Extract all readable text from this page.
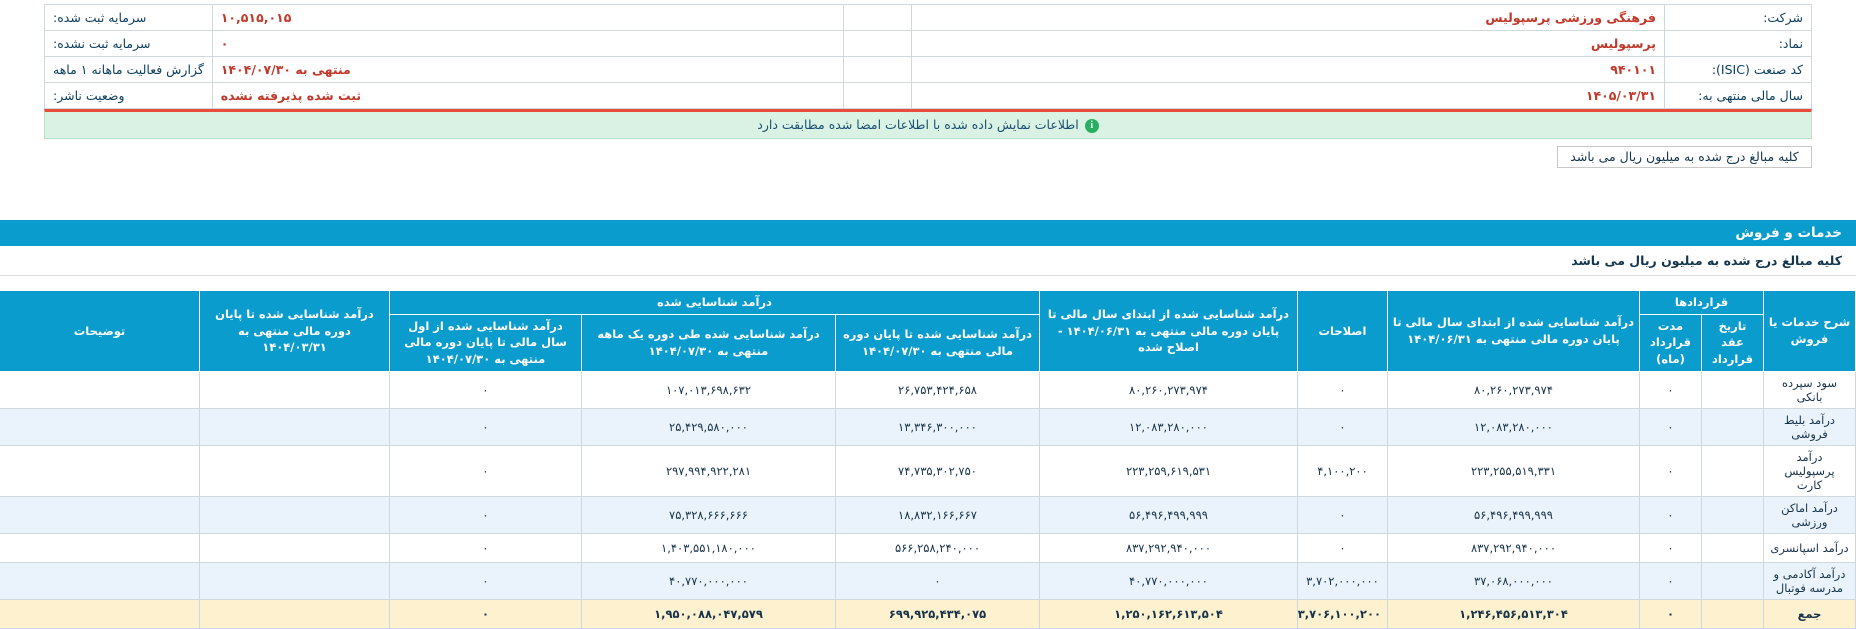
شرکت:	فرهنگی ورزشی پرسپولیس		۱۰,۵۱۵,۰۱۵	سرمایه ثبت شده:
نماد:	پرسپولیس		۰	سرمایه ثبت نشده:
کد صنعت (ISIC):	۹۴۰۱۰۱		منتهی به ۱۴۰۴/۰۷/۳۰	گزارش فعالیت ماهانه ۱ ماهه
سال مالی منتهی به:	۱۴۰۵/۰۳/۳۱		ثبت شده پذیرفته نشده	وضعیت ناشر:
iاطلاعات نمایش داده شده با اطلاعات امضا شده مطابقت دارد
کلیه مبالغ درج شده به میلیون ریال می باشد
خدمات و فروش
کلیه مبالغ درج شده به میلیون ریال می باشد
شرح خدمات یا فروش	قراردادها		درآمد شناسایی شده از ابتدای سال مالی تا پایان دوره مالی منتهی به ۱۴۰۴/۰۶/۳۱	اصلاحات	درآمد شناسایی شده از ابتدای سال مالی تا پایان دوره مالی منتهی به ۱۴۰۴/۰۶/۳۱ - اصلاح شده	درآمد شناسایی شده			درآمد شناسایی شده تا پایان دوره مالی منتهی به ۱۴۰۴/۰۳/۳۱	توضیحات
	تاریخ عقد قرارداد	مدت قرارداد (ماه)				درآمد شناسایی شده تا پایان دوره مالی منتهی به ۱۴۰۴/۰۷/۳۰	درآمد شناسایی شده طی دوره یک ماهه منتهی به ۱۴۰۴/۰۷/۳۰	درآمد شناسایی شده از اول سال مالی تا پایان دوره مالی منتهی به ۱۴۰۴/۰۷/۳۰		
سود سپرده بانکی		۰	۸۰,۲۶۰,۲۷۳,۹۷۴	۰	۸۰,۲۶۰,۲۷۳,۹۷۴	۲۶,۷۵۳,۴۲۴,۶۵۸	۱۰۷,۰۱۳,۶۹۸,۶۳۲	۰		
درآمد بلیط فروشی		۰	۱۲,۰۸۳,۲۸۰,۰۰۰	۰	۱۲,۰۸۳,۲۸۰,۰۰۰	۱۳,۳۴۶,۳۰۰,۰۰۰	۲۵,۴۲۹,۵۸۰,۰۰۰	۰		
درآمد پرسپولیس کارت		۰	۲۲۳,۲۵۵,۵۱۹,۳۳۱	۴,۱۰۰,۲۰۰	۲۲۳,۲۵۹,۶۱۹,۵۳۱	۷۴,۷۳۵,۳۰۲,۷۵۰	۲۹۷,۹۹۴,۹۲۲,۲۸۱	۰		
درآمد اماکن ورزشی		۰	۵۶,۴۹۶,۴۹۹,۹۹۹	۰	۵۶,۴۹۶,۴۹۹,۹۹۹	۱۸,۸۳۲,۱۶۶,۶۶۷	۷۵,۳۲۸,۶۶۶,۶۶۶	۰		
درآمد اسپانسری		۰	۸۳۷,۲۹۲,۹۴۰,۰۰۰	۰	۸۳۷,۲۹۲,۹۴۰,۰۰۰	۵۶۶,۲۵۸,۲۴۰,۰۰۰	۱,۴۰۳,۵۵۱,۱۸۰,۰۰۰	۰		
درآمد آکادمی و مدرسه فوتبال		۰	۳۷,۰۶۸,۰۰۰,۰۰۰	۳,۷۰۲,۰۰۰,۰۰۰	۴۰,۷۷۰,۰۰۰,۰۰۰	۰	۴۰,۷۷۰,۰۰۰,۰۰۰	۰		
جمع		۰	۱,۲۴۶,۴۵۶,۵۱۳,۳۰۴	۳,۷۰۶,۱۰۰,۲۰۰	۱,۲۵۰,۱۶۲,۶۱۳,۵۰۴	۶۹۹,۹۲۵,۴۳۴,۰۷۵	۱,۹۵۰,۰۸۸,۰۴۷,۵۷۹	۰		
